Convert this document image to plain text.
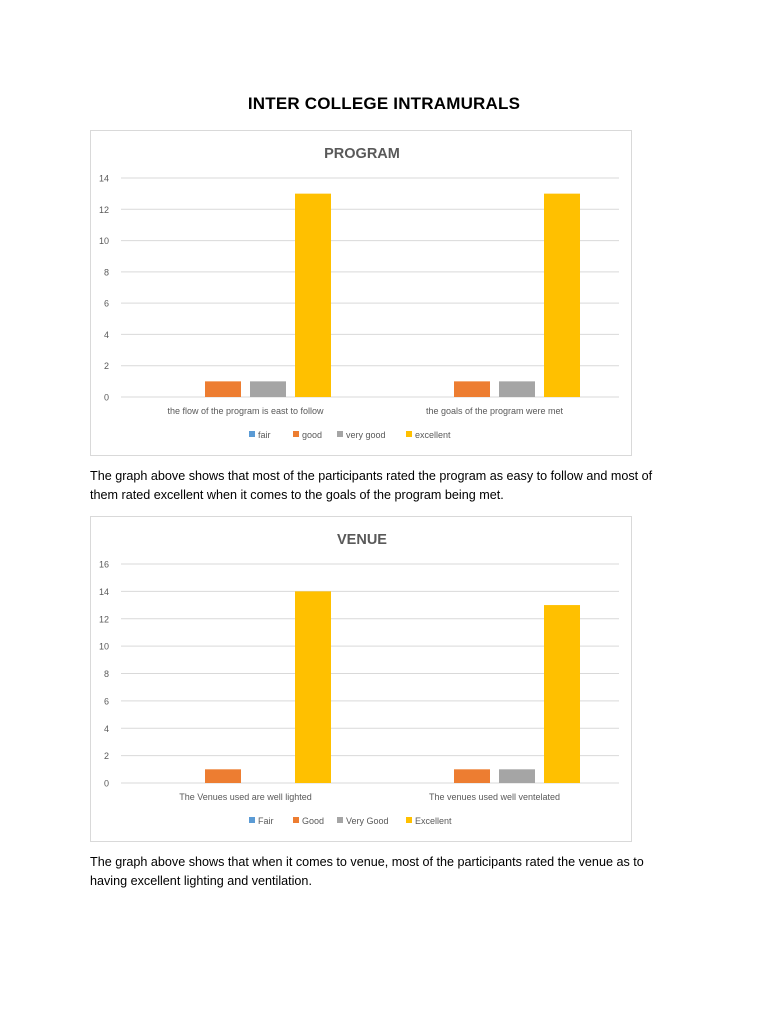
INTER COLLEGE INTRAMURALS
PROGRAM
0
2
4
6
8
10
12
14
the flow of the program is east to follow	the goals of the program were met
fair	good	very good	excellent
The graph above shows that most of the participants rated the program as easy to follow and most of them rated excellent when it comes to the goals of the program being met.
VENUE
0
2
4
6
8
10
12
14
16
The Venues used are well lighted	The venues used well ventelated
Fair	Good Very Good	Excellent
The graph above shows that when it comes to venue, most of the participants rated the venue as to having excellent lighting and ventilation.
